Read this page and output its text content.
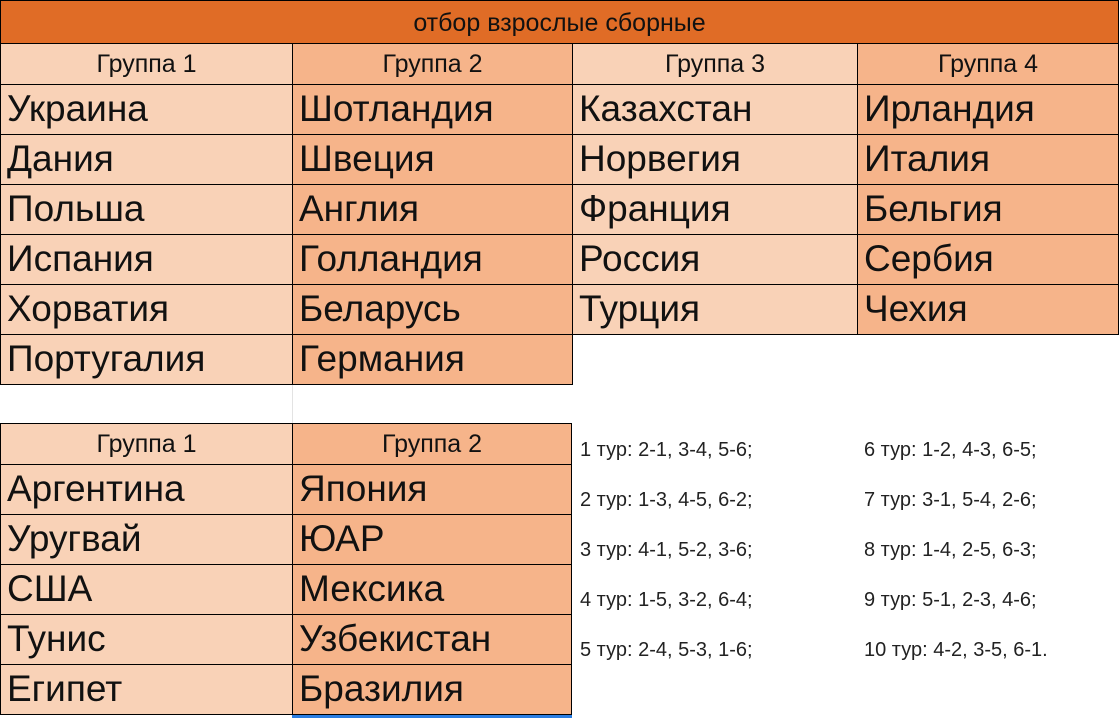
отбор взрослые сборные
Группа 1
Украина
Дания
Польша
Испания
Хорватия
Португалия
Группа 2
Шотландия
Швеция
Англия
Голландия
Беларусь
Германия
Группа 3
Казахстан
Норвегия
Франция
Россия
Турция
Группа 4
Ирландия
Италия
Бельгия
Сербия
Чехия
Группа 1
Аргентина
Уругвай
США
Тунис
Египет
Группа 2
Япония
ЮАР
Мексика
Узбекистан
Бразилия
1 тур: 2-1, 3-4, 5-6;
2 тур: 1-3, 4-5, 6-2;
3 тур: 4-1, 5-2, 3-6;
4 тур: 1-5, 3-2, 6-4;
5 тур: 2-4, 5-3, 1-6;
6 тур: 1-2, 4-3, 6-5;
7 тур: 3-1, 5-4, 2-6;
8 тур: 1-4, 2-5, 6-3;
9 тур: 5-1, 2-3, 4-6;
10 тур: 4-2, 3-5, 6-1.
